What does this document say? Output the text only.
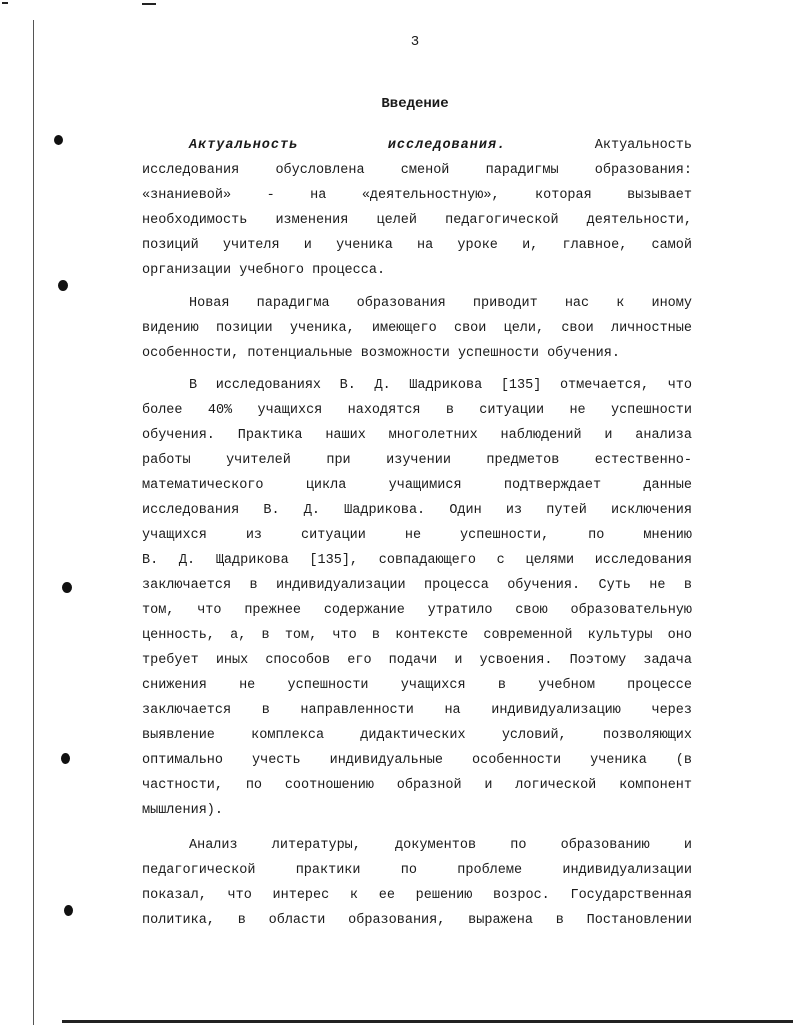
3
Введение
Актуальность исследования.	Актуальность
исследования обусловлена сменой парадигмы образования:
«знаниевой» - на «деятельностную», которая вызывает
необходимость изменения целей педагогической деятельности,
позиций учителя и ученика на уроке и, главное, самой
организации учебного процесса.
Новая парадигма образования приводит нас к иному
видению позиции ученика, имеющего свои цели, свои личностные
особенности, потенциальные возможности успешности обучения.
В исследованиях В. Д. Шадрикова [135] отмечается, что
более 40% учащихся находятся в ситуации не успешности
обучения. Практика наших многолетних наблюдений и анализа
работы учителей при изучении предметов естественно-
математического цикла учащимися подтверждает данные
исследования В. Д. Шадрикова. Один из путей исключения
учащихся из ситуации не успешности, по мнению
В. Д. Щадрикова [135], совпадающего с целями исследования
заключается в индивидуализации процесса обучения. Суть не в
том, что прежнее содержание утратило свою образовательную
ценность, а, в том, что в контексте современной культуры оно
требует иных способов его подачи и усвоения. Поэтому задача
снижения не успешности учащихся в учебном процессе
заключается в направленности на индивидуализацию через
выявление комплекса дидактических условий, позволяющих
оптимально учесть индивидуальные особенности ученика (в
частности, по соотношению образной и логической компонент
мышления).
Анализ литературы, документов по образованию и
педагогической практики по проблеме индивидуализации
показал, что интерес к ее решению возрос. Государственная
политика, в области образования, выражена в Постановлении
